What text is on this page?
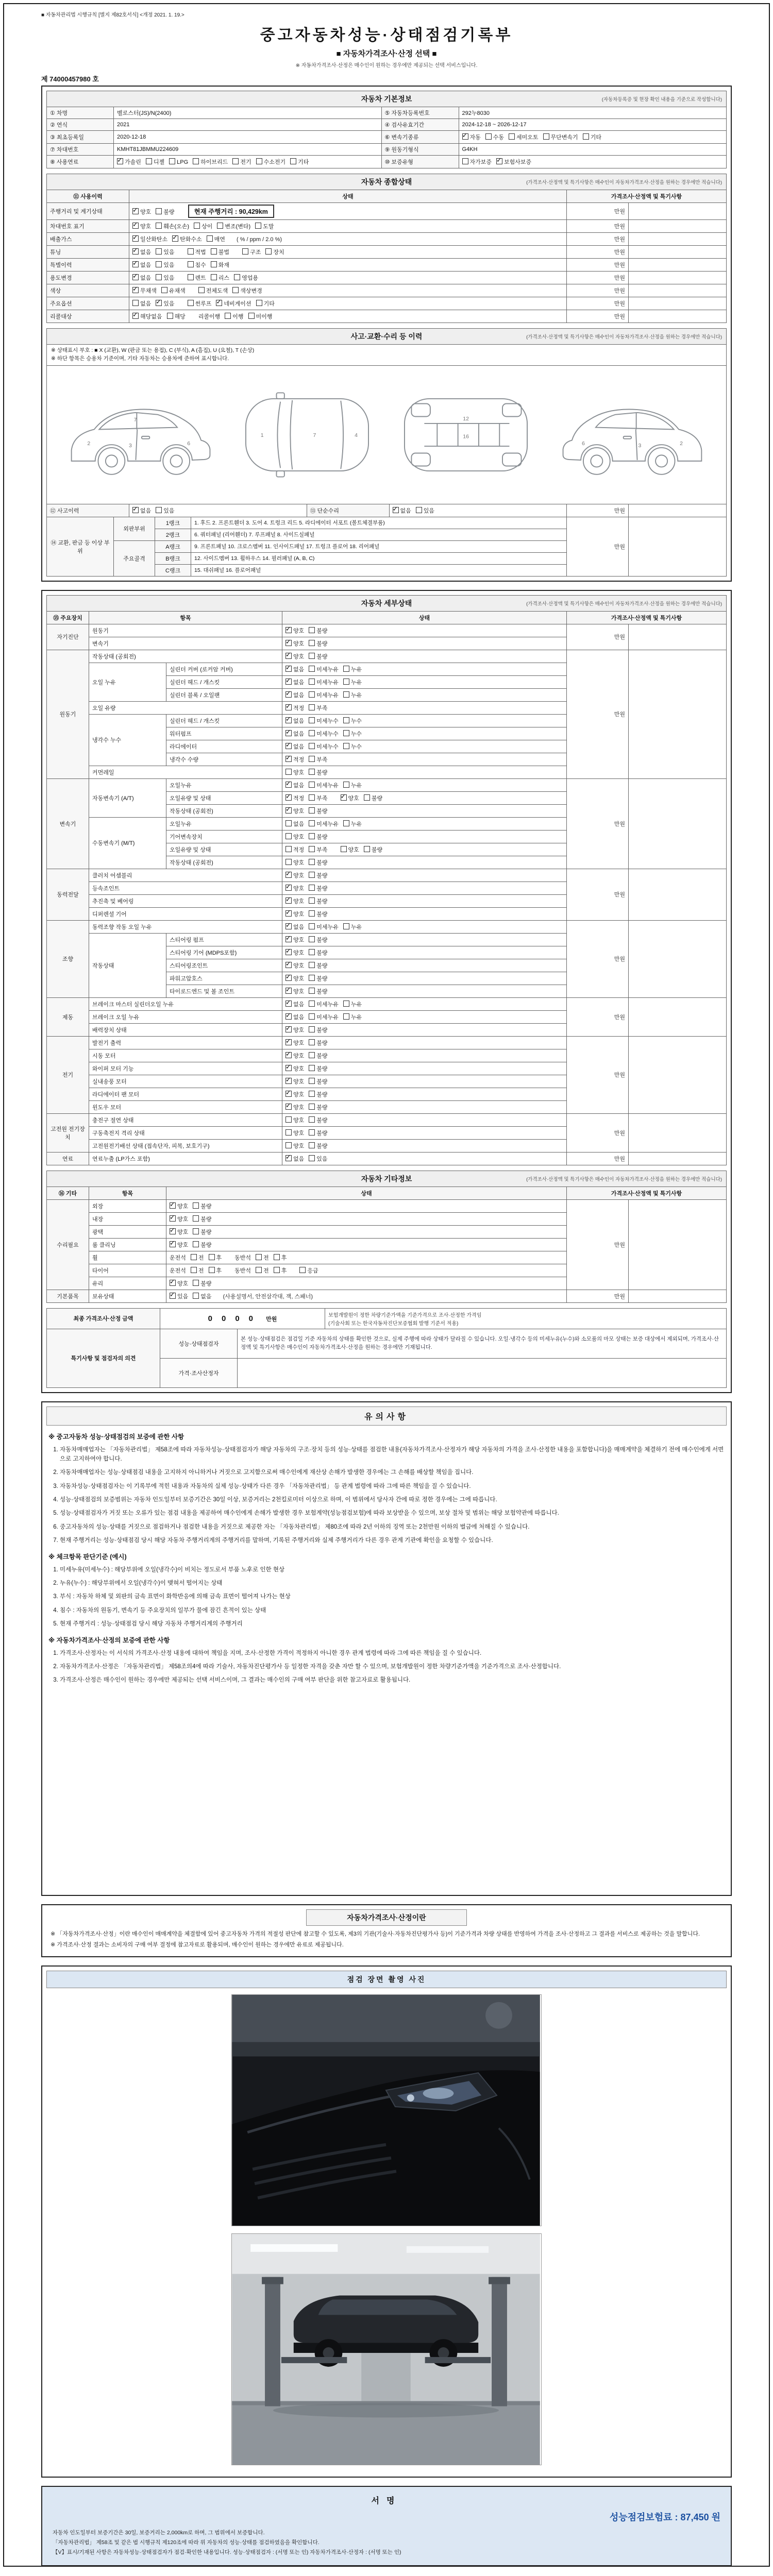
■ 자동차관리법 시행규칙 [별지 제82호서식] <개정 2021. 1. 19.>
중고자동차성능·상태점검기록부
■ 자동차가격조사·산정 선택 ■
※ 자동차가격조사·산정은 매수인이 원하는 경우에만 제공되는 선택 서비스입니다.
제 74000457980 호
자동차 기본정보	(자동차등록증 및 현장 확인 내용을 기준으로 작성합니다)
① 차명	벨로스터(JS)/N(2400)	⑤ 자동차등록번호	292누8030
② 연식	2021	④ 검사유효기간	2024-12-18 ~ 2026-12-17
③ 최초등록일	2020-12-18	⑥ 변속기종류	✓자동 수동 세미오토 무단변속기 기타
⑦ 차대번호	KMHT81JBMMU224609	⑨ 원동기형식	G4KH
⑧ 사용연료	✓가솔린 디젤 LPG 하이브리드 전기 수소전기 기타	⑩ 보증유형	자가보증 ✓ 보험사보증
자동차 종합상태	(가격조사·산정액 및 특기사항은 매수인이 자동차가격조사·산정을 원하는 경우에만 적습니다)
⑪ 사용이력	상태	가격조사·산정액 및 특기사항	
주행거리 및 계기상태	✓양호 불량 현재 주행거리 : 90,429km	만원	
차대번호 표기	✓양호 훼손(오손) 상이 변조(변타) 도말	만원	
배출가스	✓일산화탄소 ✓ 탄화수소 매연 ( % / ppm / 2.0 %)	만원	
튜닝	✓없음 있음 적법 불법 구조 장치	만원	
특별이력	✓없음 있음 침수 화재	만원	
용도변경	✓없음 있음 렌트 리스 영업용	만원	
색상	✓무채색 유채색 전체도색 색상변경	만원	
주요옵션	없음 ✓ 있음 썬루프 ✓ 네비게이션 기타	만원	
리콜대상	✓해당없음 해당 리콜이행 이행 미이행	만원	
사고·교환·수리 등 이력	(가격조사·산정액 및 특기사항은 매수인이 자동차가격조사·산정을 원하는 경우에만 적습니다)
※ 상태표시 부호 : ■ X (교환), W (판금 또는 용접), C (부식), A (흠집), U (요철), T (손상)
※ 하단 항목은 승용차 기준이며, 기타 자동차는 승용차에 준하여 표시합니다.
2	3	6
7
1	7	4
12
16
6	3	2
⑫ 사고이력	✓없음 있음	⑬ 단순수리	✓없음 있음	만원	
⑭ 교환, 판금 등 이상 부위	외판부위	1랭크	1. 후드 2. 프론트휀더 3. 도어 4. 트렁크 리드 5. 라디에이터 서포트 (볼트체결부품)	만원	
		2랭크	6. 쿼터패널 (리어휀더) 7. 루프패널 8. 사이드실패널		
	주요골격	A랭크	9. 프론트패널 10. 크로스멤버 11. 인사이드패널 17. 트렁크 플로어 18. 리어패널		
		B랭크	12. 사이드멤버 13. 휠하우스 14. 필러패널 (A, B, C)		
		C랭크	15. 대쉬패널 16. 플로어패널		
자동차 세부상태	(가격조사·산정액 및 특기사항은 매수인이 자동차가격조사·산정을 원하는 경우에만 적습니다)
⑮ 주요장치	항목		상태	가격조사·산정액 및 특기사항	
자기진단	원동기	✓양호 불량	만원	
	변속기	✓양호 불량
원동기	작동상태 (공회전)	✓양호 불량	만원	
	오일 누유	실린더 커버 (로커암 커버)	✓없음 미세누유 누유
		실린더 헤드 / 개스킷	✓없음 미세누유 누유
		실린더 블록 / 오일팬	✓없음 미세누유 누유
	오일 유량	✓적정 부족
	냉각수 누수	실린더 헤드 / 개스킷	✓없음 미세누수 누수
		워터펌프	✓없음 미세누수 누수
		라디에이터	✓없음 미세누수 누수
		냉각수 수량	✓적정 부족
	커먼레일		양호 불량		
변속기	자동변속기 (A/T)	오일누유	✓없음 미세누유 누유	만원	
		오일유량 및 상태	✓적정 부족 ✓ 양호 불량
		작동상태 (공회전)	✓양호 불량
	수동변속기 (M/T)	오일누유	없음 미세누유 누유		
		기어변속장치	양호 불량		
		오일유량 및 상태	적정 부족 양호 불량		
		작동상태 (공회전)	양호 불량		
동력전달	클러치 어셈블리	✓양호 불량	만원	
	등속조인트	✓양호 불량
	추진축 및 베어링	✓양호 불량
	디퍼렌셜 기어	✓양호 불량
조향	동력조향 작동 오일 누유	✓없음 미세누유 누유	만원	
	작동상태	스티어링 펌프	✓양호 불량
		스티어링 기어 (MDPS포함)	✓양호 불량
		스티어링조인트	✓양호 불량
		파워고압호스	✓양호 불량
		타이로드엔드 및 볼 조인트	✓양호 불량
제동	브레이크 마스터 실린더오일 누유	✓없음 미세누유 누유	만원	
	브레이크 오일 누유	✓없음 미세누유 누유
	배력장치 상태	✓양호 불량
전기	발전기 출력	✓양호 불량	만원	
	시동 모터	✓양호 불량
	와이퍼 모터 기능	✓양호 불량
	실내송풍 모터	✓양호 불량
	라디에이터 팬 모터	✓양호 불량
	윈도우 모터	✓양호 불량
고전원 전기장치	충전구 절연 상태		양호 불량	만원	
	구동축전지 격리 상태		양호 불량		
	고전원전기배선 상태 (접속단자, 피복, 보호기구)		양호 불량		
연료	연료누출 (LP가스 포함)	✓없음 있음	만원	
자동차 기타정보	(가격조사·산정액 및 특기사항은 매수인이 자동차가격조사·산정을 원하는 경우에만 적습니다)
⑯ 기타	항목	상태	가격조사·산정액 및 특기사항	
수리필요	외장	✓양호 불량	만원	
	내장	✓양호 불량
	광택	✓양호 불량
	룸 클리닝	✓양호 불량
	휠	운전석 전 후 동반석 전 후		
	타이어	운전석 전 후 동반석 전 후 응급		
	유리	✓양호 불량
기본품목	보유상태	✓있음 없음 (사용설명서, 안전삼각대, 잭, 스패너)	만원	
최종 가격조사·산정 금액	0000 만원	
보험개발원이 정한 차량기준가액을 기준가격으로 조사·산정한 가격임
(기술사회 또는 한국자동차진단보증협회 발행 기준서 적용)
특기사항 및 점검자의 의견	성능·상태점검자	본 성능·상태점검은 점검일 기준 자동차의 상태를 확인한 것으로, 실제 주행에 따라 상태가 달라질 수 있습니다. 오일·냉각수 등의 미세누유(누수)와 소모품의 마모 상태는 보증 대상에서 제외되며, 가격조사·산정액 및 특기사항은 매수인이 자동차가격조사·산정을 원하는 경우에만 기재됩니다.
	가격·조사산정자	
유의사항
※ 중고자동차 성능·상태점검의 보증에 관한 사항
1. 자동차매매업자는 「자동차관리법」 제58조에 따라 자동차성능·상태점검자가 해당 자동차의 구조·장치 등의 성능·상태를 점검한 내용(자동차가격조사·산정자가 해당 자동차의 가격을 조사·산정한 내용을 포함합니다)을 매매계약을 체결하기 전에 매수인에게 서면으로 고지하여야 합니다.
2. 자동차매매업자는 성능·상태점검 내용을 고지하지 아니하거나 거짓으로 고지함으로써 매수인에게 재산상 손해가 발생한 경우에는 그 손해를 배상할 책임을 집니다.
3. 자동차성능·상태점검자는 이 기록부에 적힌 내용과 자동차의 실제 성능·상태가 다른 경우 「자동차관리법」 등 관계 법령에 따라 그에 따른 책임을 질 수 있습니다.
4. 성능·상태점검의 보증범위는 자동차 인도일부터 보증기간은 30일 이상, 보증거리는 2천킬로미터 이상으로 하며, 이 범위에서 당사자 간에 따로 정한 경우에는 그에 따릅니다.
5. 성능·상태점검자가 거짓 또는 오류가 있는 점검 내용을 제공하여 매수인에게 손해가 발생한 경우 보험계약(성능점검보험)에 따라 보상받을 수 있으며, 보상 절차 및 범위는 해당 보험약관에 따릅니다.
6. 중고자동차의 성능·상태를 거짓으로 점검하거나 점검한 내용을 거짓으로 제공한 자는 「자동차관리법」 제80조에 따라 2년 이하의 징역 또는 2천만원 이하의 벌금에 처해질 수 있습니다.
7. 현재 주행거리는 성능·상태점검 당시 해당 자동차 주행거리계의 주행거리를 말하며, 기록된 주행거리와 실제 주행거리가 다른 경우 관계 기관에 확인을 요청할 수 있습니다.
※ 체크항목 판단기준 (예시)
1. 미세누유(미세누수) : 해당부위에 오일(냉각수)이 비치는 정도로서 부품 노후로 인한 현상
2. 누유(누수) : 해당부위에서 오일(냉각수)이 맺혀서 떨어지는 상태
3. 부식 : 자동차 하체 및 외판의 금속 표면이 화학반응에 의해 금속 표면이 떨어져 나가는 현상
4. 침수 : 자동차의 원동기, 변속기 등 주요장치의 일부가 물에 잠긴 흔적이 있는 상태
5. 현재 주행거리 : 성능·상태점검 당시 해당 자동차 주행거리계의 주행거리
※ 자동차가격조사·산정의 보증에 관한 사항
1. 가격조사·산정자는 이 서식의 가격조사·산정 내용에 대하여 책임을 지며, 조사·산정한 가격이 적정하지 아니한 경우 관계 법령에 따라 그에 따른 책임을 질 수 있습니다.
2. 자동차가격조사·산정은 「자동차관리법」 제58조의4에 따라 기술사, 자동차진단평가사 등 일정한 자격을 갖춘 자만 할 수 있으며, 보험개발원이 정한 차량기준가액을 기준가격으로 조사·산정합니다.
3. 가격조사·산정은 매수인이 원하는 경우에만 제공되는 선택 서비스이며, 그 결과는 매수인의 구매 여부 판단을 위한 참고자료로 활용됩니다.
자동차가격조사·산정이란

※ 「자동차가격조사·산정」이란 매수인이 매매계약을 체결함에 있어 중고자동차 가격의 적절성 판단에 참고할 수 있도록, 제3의 기관(기술사·자동차진단평가사 등)이 기준가격과 차량 상태를 반영하여 가격을 조사·산정하고 그 결과를 서비스로 제공하는 것을 말합니다.

※ 가격조사·산정 결과는 소비자의 구매 여부 결정에 참고자료로 활용되며, 매수인이 원하는 경우에만 유료로 제공됩니다.

점검 장면 촬영 사진
서명
성능점검보험료 : 87,450 원
자동차 인도일부터 보증기간은 30일, 보증거리는 2,000km로 하며, 그 범위에서 보증합니다.
「자동차관리법」 제58조 및 같은 법 시행규칙 제120조에 따라 위 자동차의 성능·상태를 점검하였음을 확인합니다.
【V】표시/기재된 사항은 자동차성능·상태점검자가 점검·확인한 내용입니다. 성능·상태점검자 : (서명 또는 인) 자동차가격조사·산정자 : (서명 또는 인)
